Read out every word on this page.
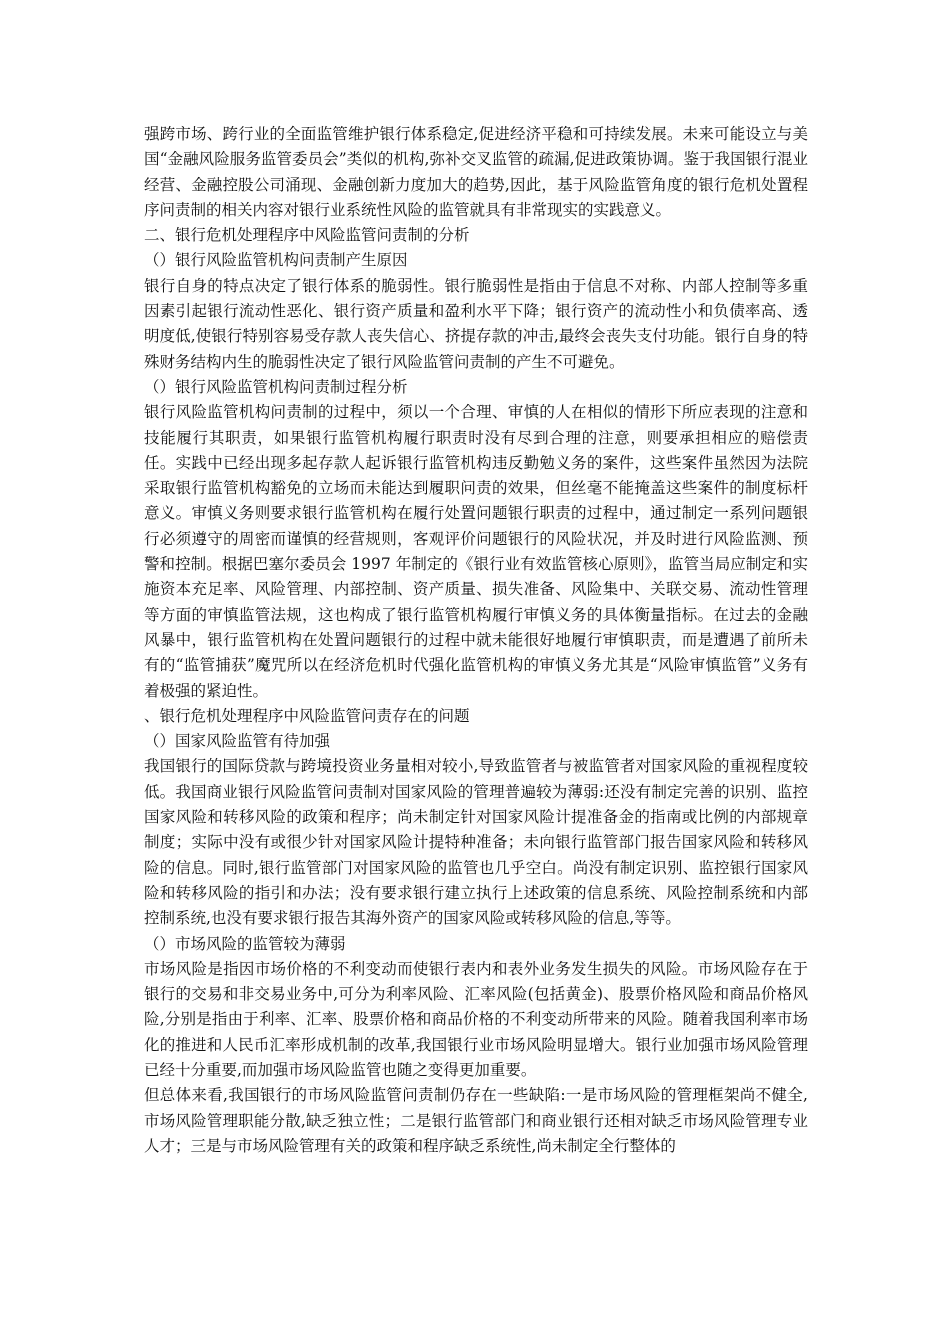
强跨市场、跨行业的全面监管维护银行体系稳定,促进经济平稳和可持续发展。未来可能设立与美国“金融风险服务监管委员会”类似的机构,弥补交叉监管的疏漏,促进政策协调。鉴于我国银行混业经营、金融控股公司涌现、金融创新力度加大的趋势,因此，基于风险监管角度的银行危机处置程序问责制的相关内容对银行业系统性风险的监管就具有非常现实的实践意义。

二、银行危机处理程序中风险监管问责制的分析

（）银行风险监管机构问责制产生原因

银行自身的特点决定了银行体系的脆弱性。银行脆弱性是指由于信息不对称、内部人控制等多重因素引起银行流动性恶化、银行资产质量和盈利水平下降；银行资产的流动性小和负债率高、透明度低,使银行特别容易受存款人丧失信心、挤提存款的冲击,最终会丧失支付功能。银行自身的特殊财务结构内生的脆弱性决定了银行风险监管问责制的产生不可避免。

（）银行风险监管机构问责制过程分析

银行风险监管机构问责制的过程中，须以一个合理、审慎的人在相似的情形下所应表现的注意和技能履行其职责，如果银行监管机构履行职责时没有尽到合理的注意，则要承担相应的赔偿责任。实践中已经出现多起存款人起诉银行监管机构违反勤勉义务的案件，这些案件虽然因为法院采取银行监管机构豁免的立场而未能达到履职问责的效果，但丝毫不能掩盖这些案件的制度标杆意义。审慎义务则要求银行监管机构在履行处置问题银行职责的过程中，通过制定一系列问题银行必须遵守的周密而谨慎的经营规则，客观评价问题银行的风险状况，并及时进行风险监测、预警和控制。根据巴塞尔委员会 1997 年制定的《银行业有效监管核心原则》，监管当局应制定和实施资本充足率、风险管理、内部控制、资产质量、损失准备、风险集中、关联交易、流动性管理等方面的审慎监管法规，这也构成了银行监管机构履行审慎义务的具体衡量指标。在过去的金融风暴中，银行监管机构在处置问题银行的过程中就未能很好地履行审慎职责，而是遭遇了前所未有的“监管捕获”魔咒所以在经济危机时代强化监管机构的审慎义务尤其是“风险审慎监管”义务有着极强的紧迫性。

、银行危机处理程序中风险监管问责存在的问题

（）国家风险监管有待加强

我国银行的国际贷款与跨境投资业务量相对较小,导致监管者与被监管者对国家风险的重视程度较低。我国商业银行风险监管问责制对国家风险的管理普遍较为薄弱:还没有制定完善的识别、监控国家风险和转移风险的政策和程序；尚未制定针对国家风险计提准备金的指南或比例的内部规章制度；实际中没有或很少针对国家风险计提特种准备；未向银行监管部门报告国家风险和转移风险的信息。同时,银行监管部门对国家风险的监管也几乎空白。尚没有制定识别、监控银行国家风险和转移风险的指引和办法；没有要求银行建立执行上述政策的信息系统、风险控制系统和内部控制系统,也没有要求银行报告其海外资产的国家风险或转移风险的信息,等等。

（）市场风险的监管较为薄弱

市场风险是指因市场价格的不利变动而使银行表内和表外业务发生损失的风险。市场风险存在于银行的交易和非交易业务中,可分为利率风险、汇率风险(包括黄金)、股票价格风险和商品价格风险,分别是指由于利率、汇率、股票价格和商品价格的不利变动所带来的风险。随着我国利率市场化的推进和人民币汇率形成机制的改革,我国银行业市场风险明显增大。银行业加强市场风险管理已经十分重要,而加强市场风险监管也随之变得更加重要。

但总体来看,我国银行的市场风险监管问责制仍存在一些缺陷:一是市场风险的管理框架尚不健全,市场风险管理职能分散,缺乏独立性；二是银行监管部门和商业银行还相对缺乏市场风险管理专业人才；三是与市场风险管理有关的政策和程序缺乏系统性,尚未制定全行整体的
